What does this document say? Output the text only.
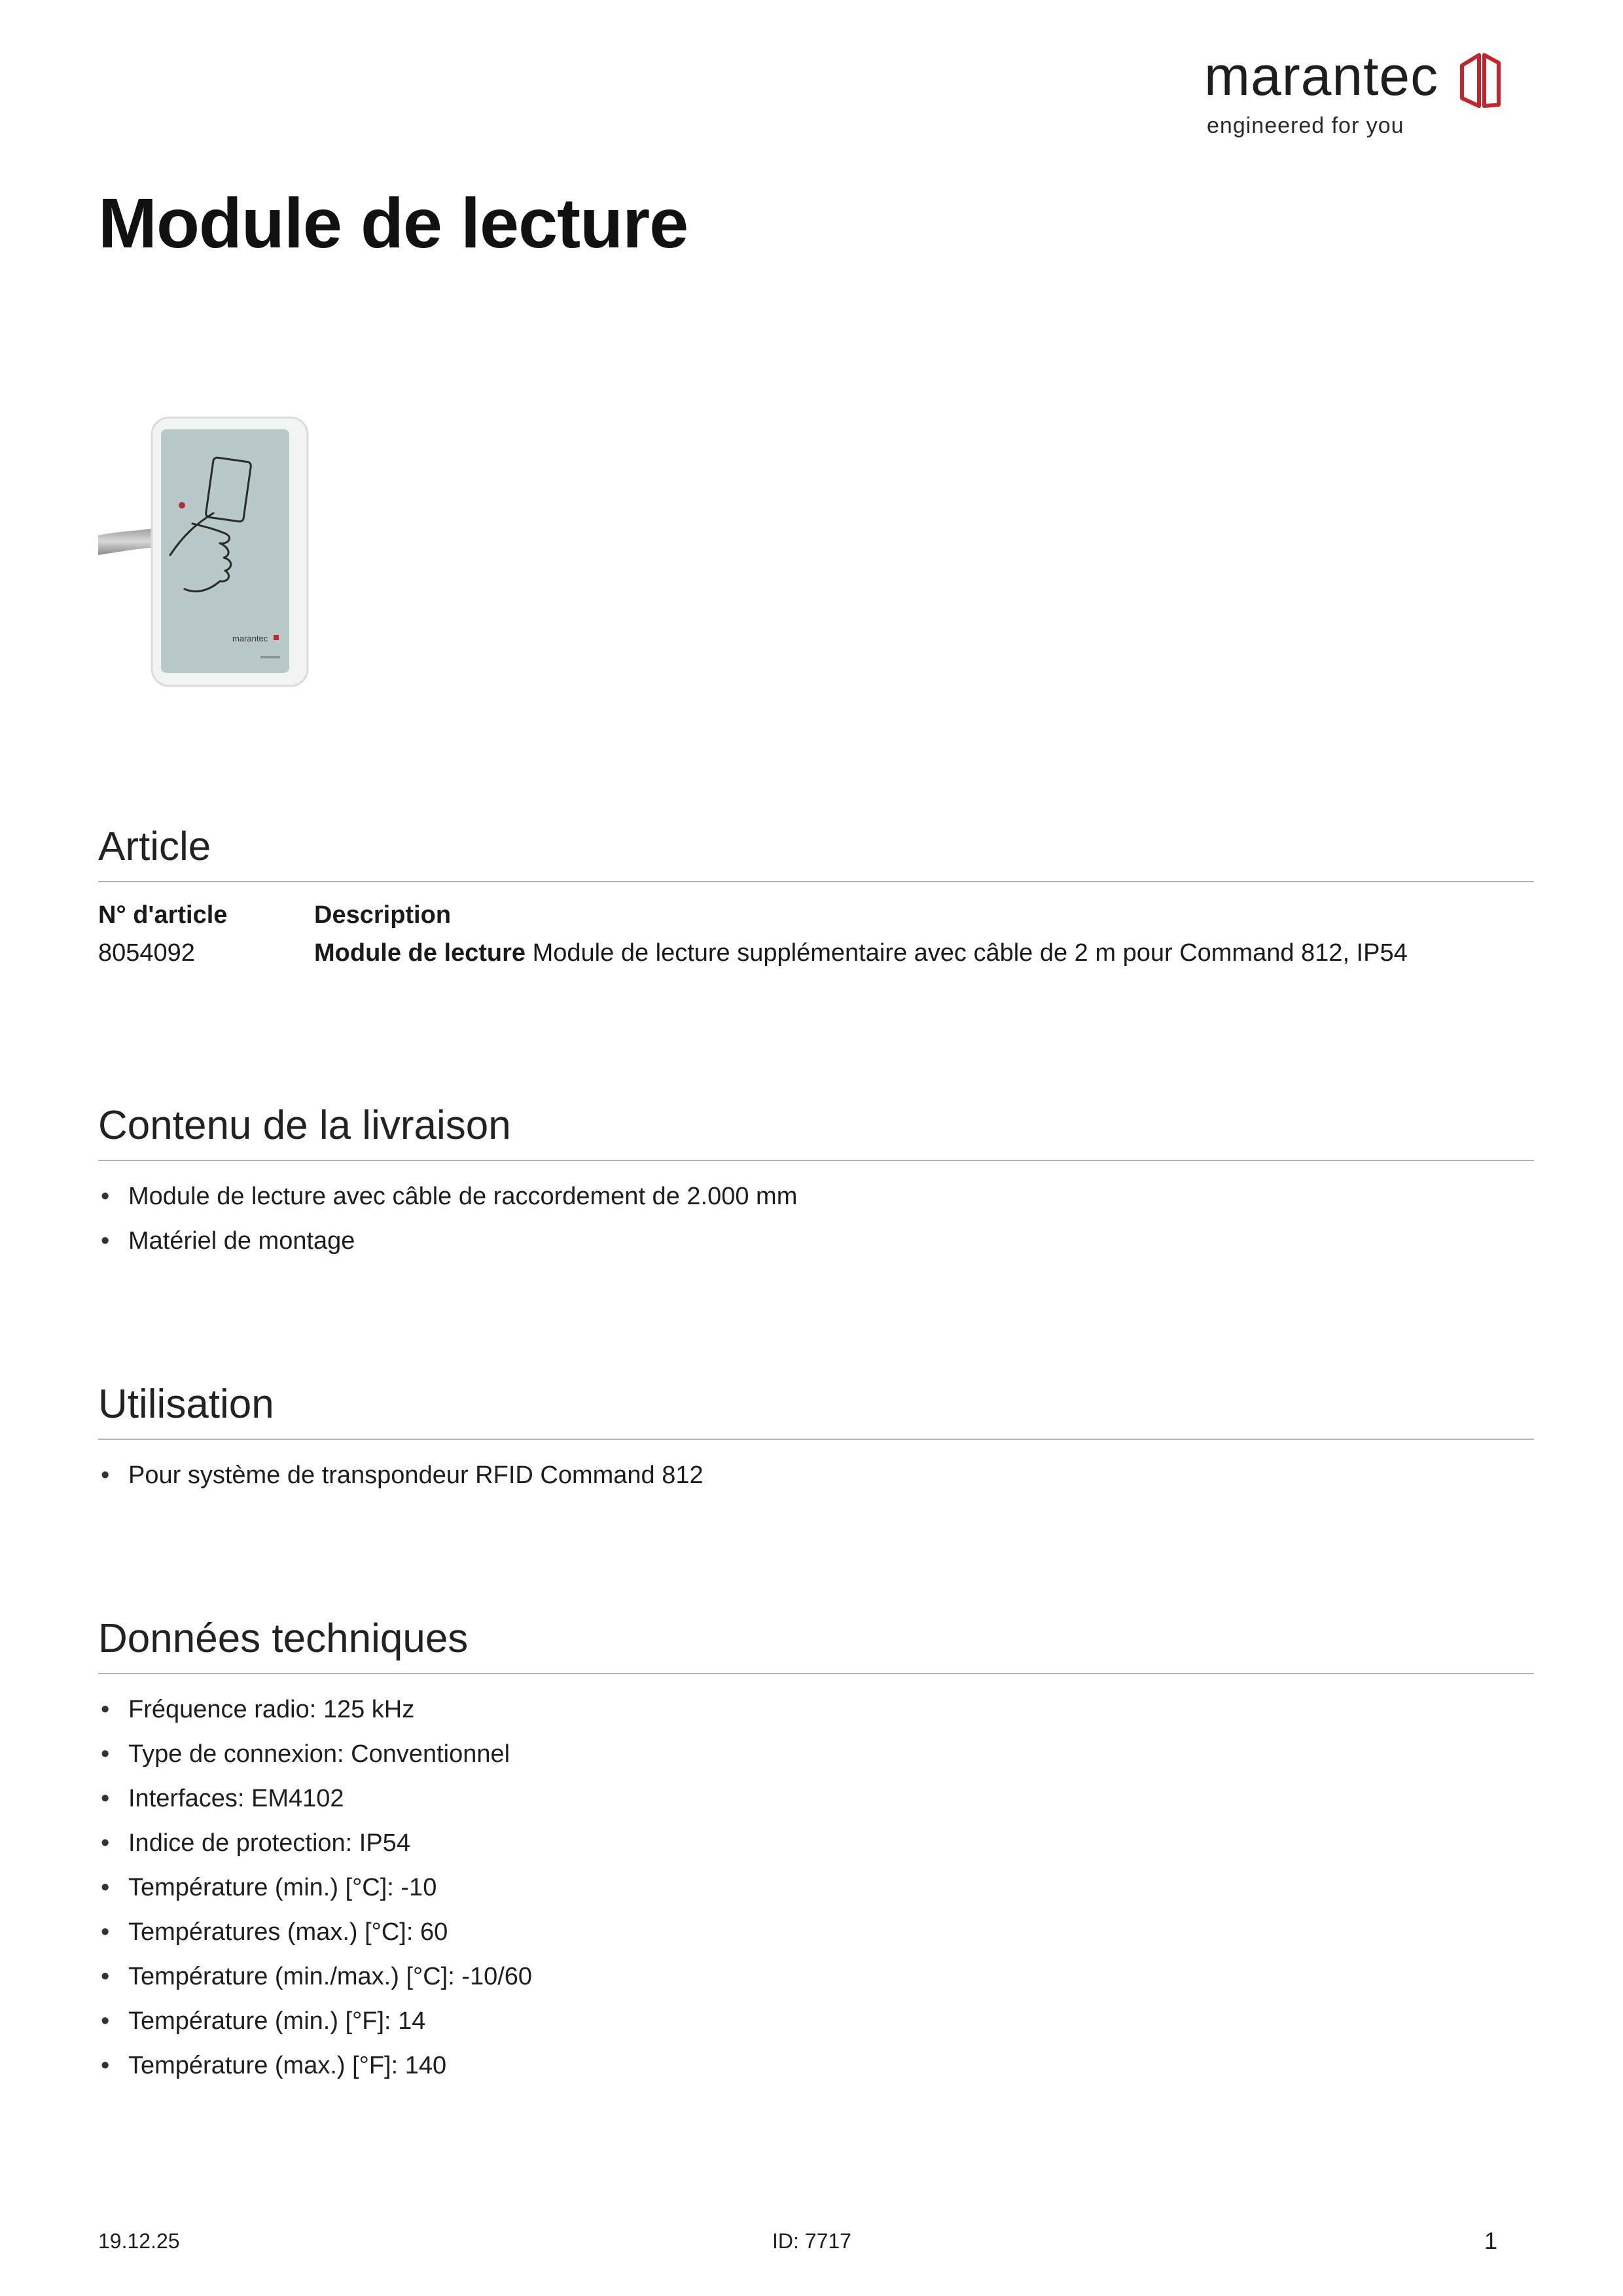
marantec
engineered for you
Module de lecture
marantec
Article
N° d'article	Description
8054092	Module de lecture Module de lecture supplémentaire avec câble de 2 m pour Command 812, IP54
Contenu de la livraison
• Module de lecture avec câble de raccordement de 2.000 mm
• Matériel de montage
Utilisation
• Pour système de transpondeur RFID Command 812
Données techniques
• Fréquence radio: 125 kHz
• Type de connexion: Conventionnel
• Interfaces: EM4102
• Indice de protection: IP54
• Température (min.) [°C]: -10
• Températures (max.) [°C]: 60
• Température (min./max.) [°C]: -10/60
• Température (min.) [°F]: 14
• Température (max.) [°F]: 140
19.12.25	ID: 7717	1
